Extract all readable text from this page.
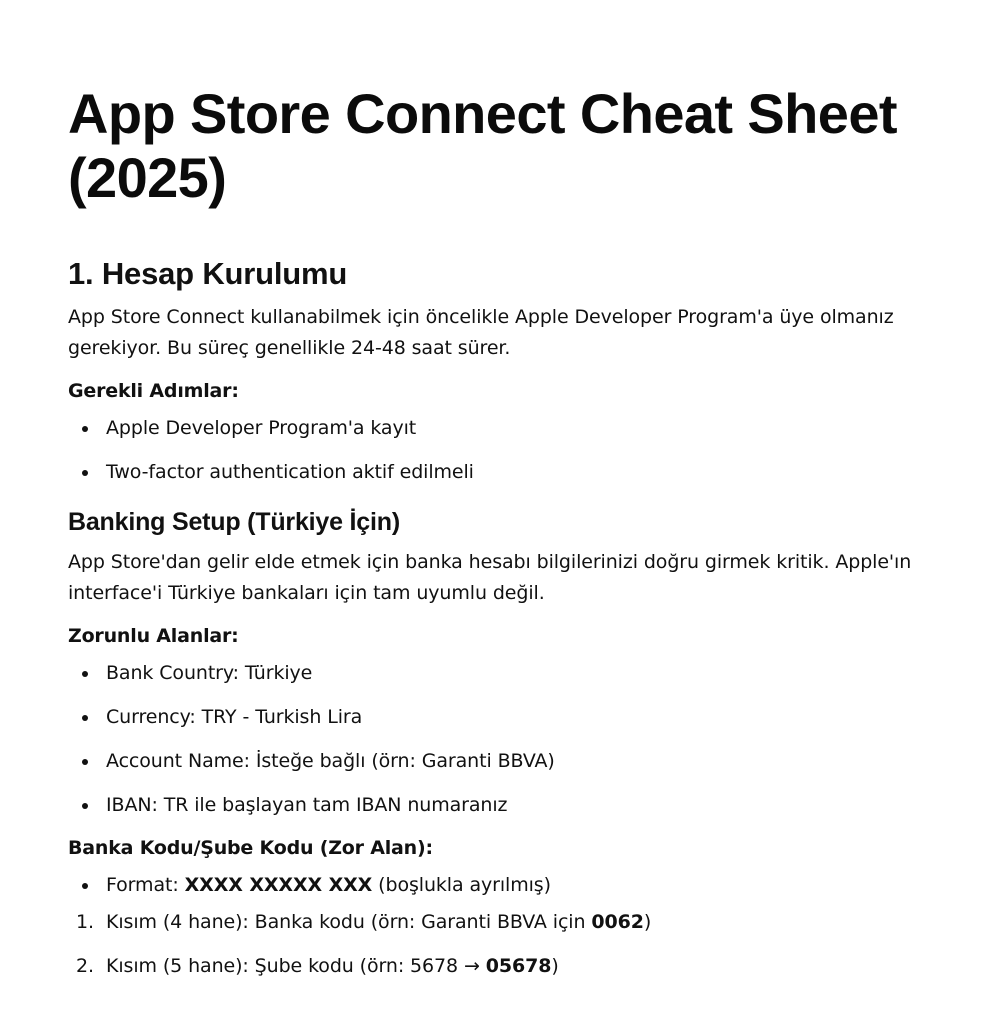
App Store Connect Cheat Sheet (2025)
1. Hesap Kurulumu

App Store Connect kullanabilmek için öncelikle Apple Developer Program'a üye olmanız gerekiyor. Bu süreç genellikle 24-48 saat sürer.

Gerekli Adımlar:
Apple Developer Program'a kayıt
Two-factor authentication aktif edilmeli
Banking Setup (Türkiye İçin)

App Store'dan gelir elde etmek için banka hesabı bilgilerinizi doğru girmek kritik. Apple'ın interface'i Türkiye bankaları için tam uyumlu değil.

Zorunlu Alanlar:
Bank Country: Türkiye
Currency: TRY - Turkish Lira
Account Name: İsteğe bağlı (örn: Garanti BBVA)
IBAN: TR ile başlayan tam IBAN numaranız
Banka Kodu/Şube Kodu (Zor Alan):
Format: XXXX XXXXX XXX (boşlukla ayrılmış)
1. Kısım (4 hane): Banka kodu (örn: Garanti BBVA için 0062)
2. Kısım (5 hane): Şube kodu (örn: 5678 → 05678)
